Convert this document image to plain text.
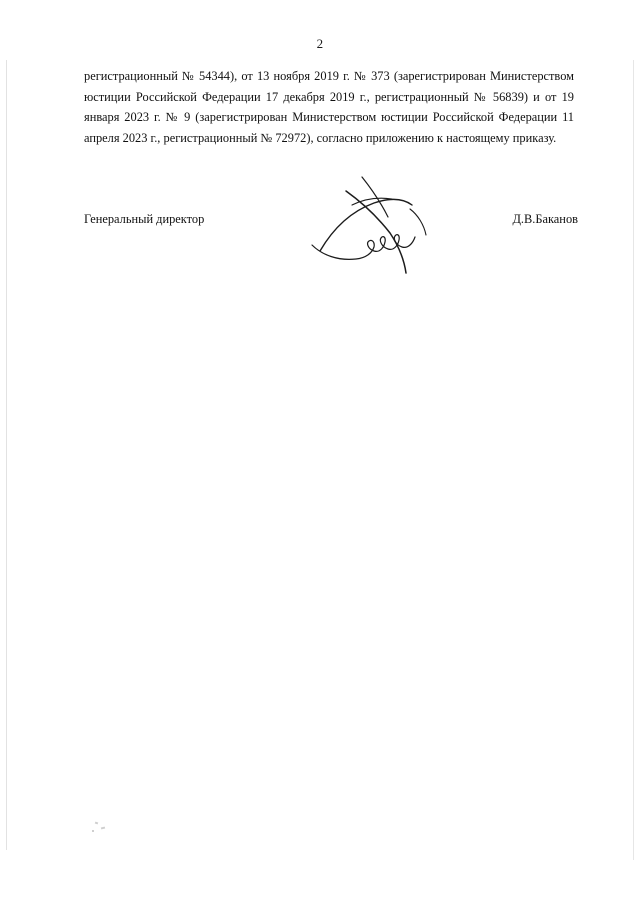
2

регистрационный № 54344), от 13 ноября 2019 г. № 373 (зарегистрирован Министерством юстиции Российской Федерации 17 декабря 2019 г., регистрационный № 56839) и от 19 января 2023 г. № 9 (зарегистрирован Министерством юстиции Российской Федерации 11 апреля 2023 г., регистрационный № 72972), согласно приложению к настоящему приказу.

Генеральный директор	Д.В.Баканов
